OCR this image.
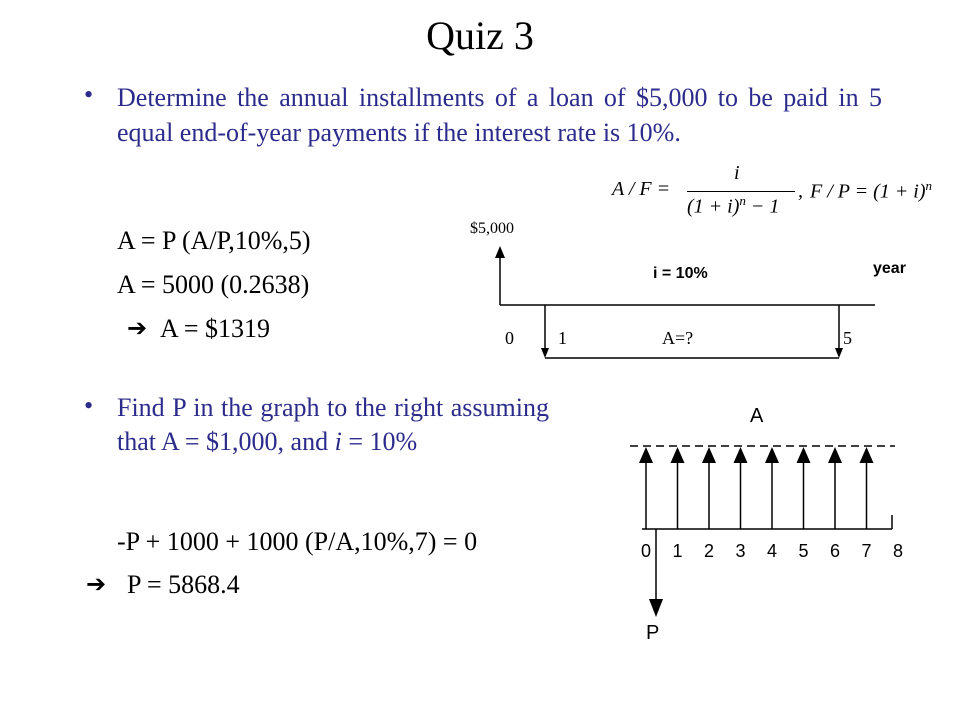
Quiz 3
• Determine the annual installments of a loan of $5,000 to be paid in 5 equal end-of-year payments if the interest rate is 10%.
A = P (A/P,10%,5)
A = 5000 (0.2638)
➔ A = $1319
A / F =
i
$(1 + i)^n - 1$
, $F / P = (1 + i)^n$
$5,000
i = 10%	year
0 1	A=?	5
• Find P in the graph to the right assuming that A = $1,000, and i = 10%
-P + 1000 + 1000 (P/A,10%,7) = 0
➔ P = 5868.4
0 1 2 3 4 5 6 7 8
A
P
